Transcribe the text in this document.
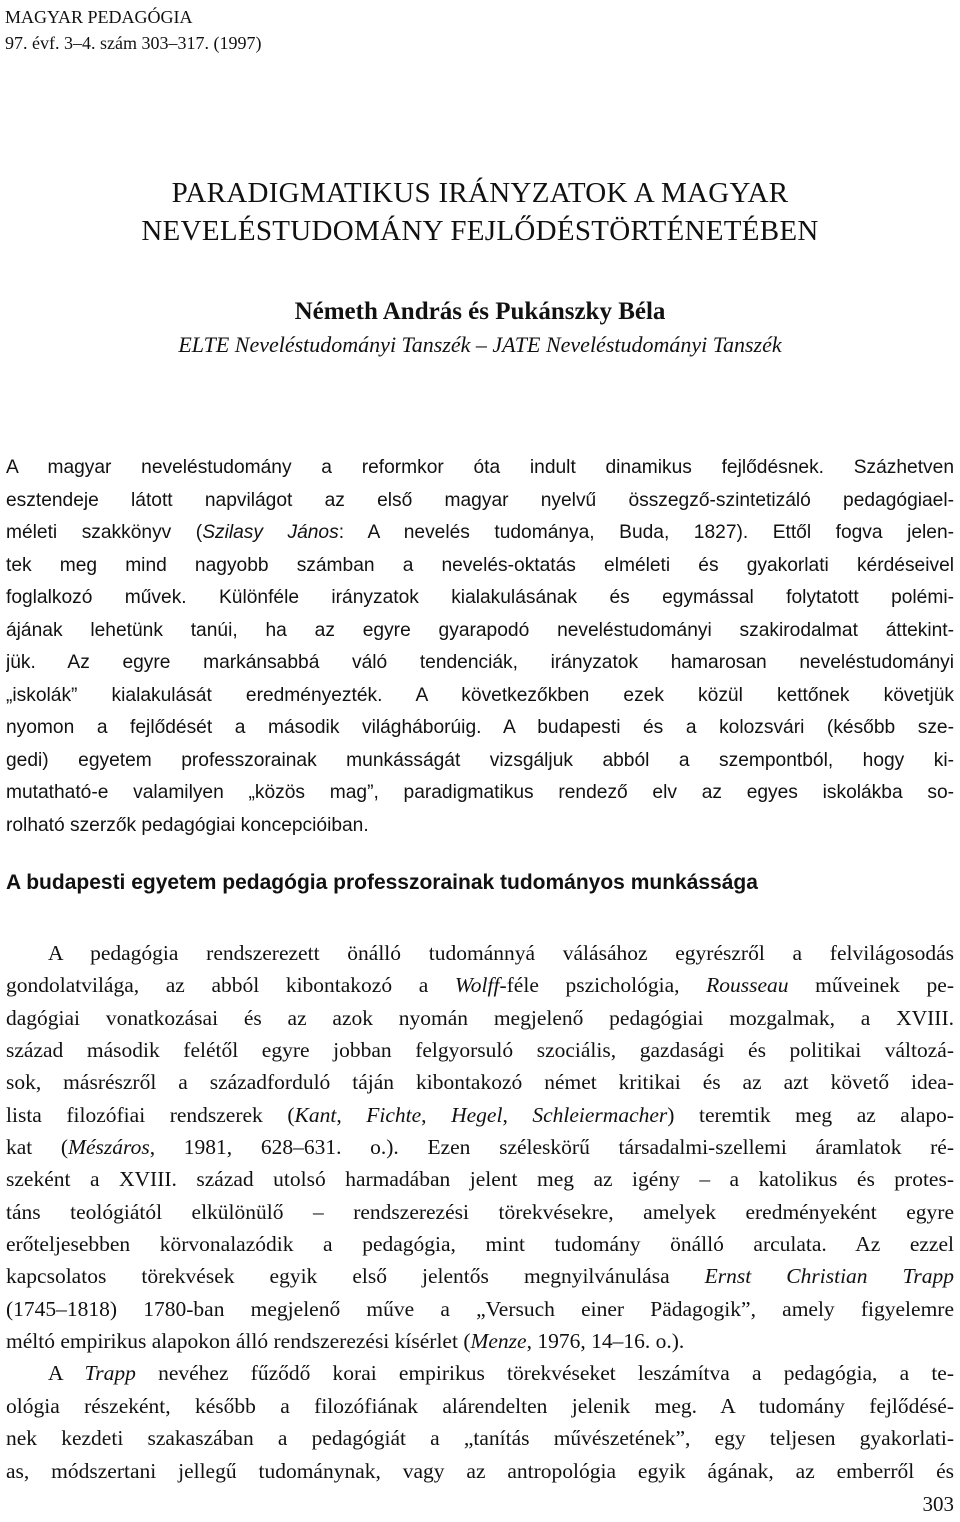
MAGYAR PEDAGÓGIA
97. évf. 3–4. szám 303–317. (1997)
PARADIGMATIKUS IRÁNYZATOK A MAGYAR
NEVELÉSTUDOMÁNY FEJLŐDÉSTÖRTÉNETÉBEN
Németh András és Pukánszky Béla
ELTE Neveléstudományi Tanszék – JATE Neveléstudományi Tanszék
A magyar neveléstudomány a reformkor óta indult dinamikus fejlődésnek. Százhetven
esztendeje látott napvilágot az első magyar nyelvű összegző-szintetizáló pedagógiael-
méleti szakkönyv (Szilasy János: A nevelés tudománya, Buda, 1827). Ettől fogva jelen-
tek meg mind nagyobb számban a nevelés-oktatás elméleti és gyakorlati kérdéseivel
foglalkozó művek. Különféle irányzatok kialakulásának és egymással folytatott polémi-
ájának lehetünk tanúi, ha az egyre gyarapodó neveléstudományi szakirodalmat áttekint-
jük. Az egyre markánsabbá váló tendenciák, irányzatok hamarosan neveléstudományi
„iskolák” kialakulását eredményezték. A következőkben ezek közül kettőnek követjük
nyomon a fejlődését a második világháborúig. A budapesti és a kolozsvári (később sze-
gedi) egyetem professzorainak munkásságát vizsgáljuk abból a szempontból, hogy ki-
mutatható-e valamilyen „közös mag”, paradigmatikus rendező elv az egyes iskolákba so-
rolható szerzők pedagógiai koncepcióiban.
A budapesti egyetem pedagógia professzorainak tudományos munkássága
A pedagógia rendszerezett önálló tudománnyá válásához egyrészről a felvilágosodás
gondolatvilága, az abból kibontakozó a Wolff-féle pszichológia, Rousseau műveinek pe-
dagógiai vonatkozásai és az azok nyomán megjelenő pedagógiai mozgalmak, a XVIII.
század második felétől egyre jobban felgyorsuló szociális, gazdasági és politikai változá-
sok, másrészről a századforduló táján kibontakozó német kritikai és az azt követő idea-
lista filozófiai rendszerek (Kant, Fichte, Hegel, Schleiermacher) teremtik meg az alapo-
kat (Mészáros, 1981, 628–631. o.). Ezen széleskörű társadalmi-szellemi áramlatok ré-
szeként a XVIII. század utolsó harmadában jelent meg az igény – a katolikus és protes-
táns teológiától elkülönülő – rendszerezési törekvésekre, amelyek eredményeként egyre
erőteljesebben körvonalazódik a pedagógia, mint tudomány önálló arculata. Az ezzel
kapcsolatos törekvések egyik első jelentős megnyilvánulása Ernst Christian Trapp
(1745–1818) 1780-ban megjelenő műve a „Versuch einer Pädagogik”, amely figyelemre
méltó empirikus alapokon álló rendszerezési kísérlet (Menze, 1976, 14–16. o.).
A Trapp nevéhez fűződő korai empirikus törekvéseket leszámítva a pedagógia, a te-
ológia részeként, később a filozófiának alárendelten jelenik meg. A tudomány fejlődésé-
nek kezdeti szakaszában a pedagógiát a „tanítás művészetének”, egy teljesen gyakorlati-
as, módszertani jellegű tudománynak, vagy az antropológia egyik ágának, az emberről és
303
